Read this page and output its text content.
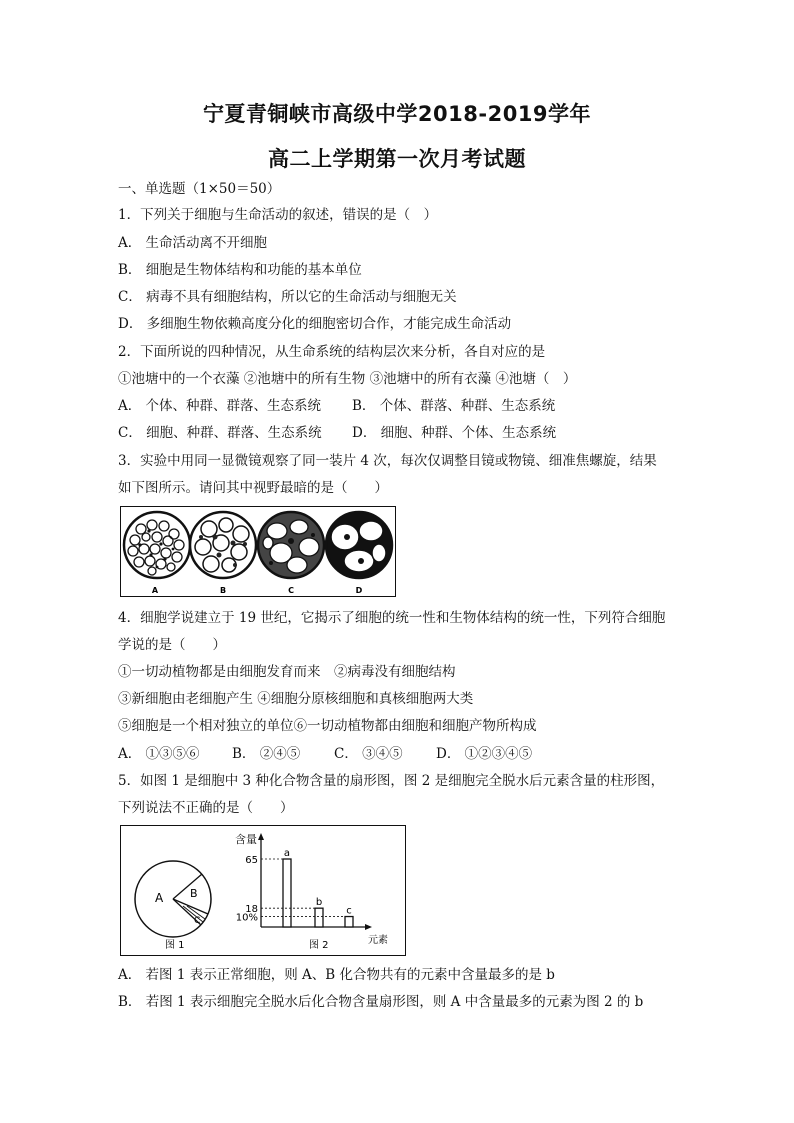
宁夏青铜峡市高级中学2018-2019学年
高二上学期第一次月考试题
一、单选题（1×50＝50）
1．下列关于细胞与生命活动的叙述，错误的是（　）
A． 生命活动离不开细胞
B． 细胞是生物体结构和功能的基本单位
C． 病毒不具有细胞结构，所以它的生命活动与细胞无关
D． 多细胞生物依赖高度分化的细胞密切合作，才能完成生命活动
2．下面所说的四种情况，从生命系统的结构层次来分析，各自对应的是
①池塘中的一个衣藻 ②池塘中的所有生物 ③池塘中的所有衣藻 ④池塘（　）
A． 个体、种群、群落、生态系统 B． 个体、群落、种群、生态系统
C． 细胞、种群、群落、生态系统 D． 细胞、种群、个体、生态系统
3．实验中用同一显微镜观察了同一装片 4 次，每次仅调整目镜或物镜、细准焦螺旋，结果
如下图所示。请问其中视野最暗的是（　　）
A	B	C	D
4．细胞学说建立于 19 世纪，它揭示了细胞的统一性和生物体结构的统一性，下列符合细胞
学说的是（　　）
①一切动植物都是由细胞发育而来　②病毒没有细胞结构
③新细胞由老细胞产生 ④细胞分原核细胞和真核细胞两大类
⑤细胞是一个相对独立的单位⑥一切动植物都由细胞和细胞产物所构成
A． ①③⑤⑥ B． ②④⑤	C． ③④⑤ D． ①②③④⑤
5．如图 1 是细胞中 3 种化合物含量的扇形图，图 2 是细胞完全脱水后元素含量的柱形图，
下列说法不正确的是（　　）
A B
C
图 1
含量
元素
图 2
a
65
b
18	c
10%
A． 若图 1 表示正常细胞，则 A、B 化合物共有的元素中含量最多的是 b
B． 若图 1 表示细胞完全脱水后化合物含量扇形图，则 A 中含量最多的元素为图 2 的 b
